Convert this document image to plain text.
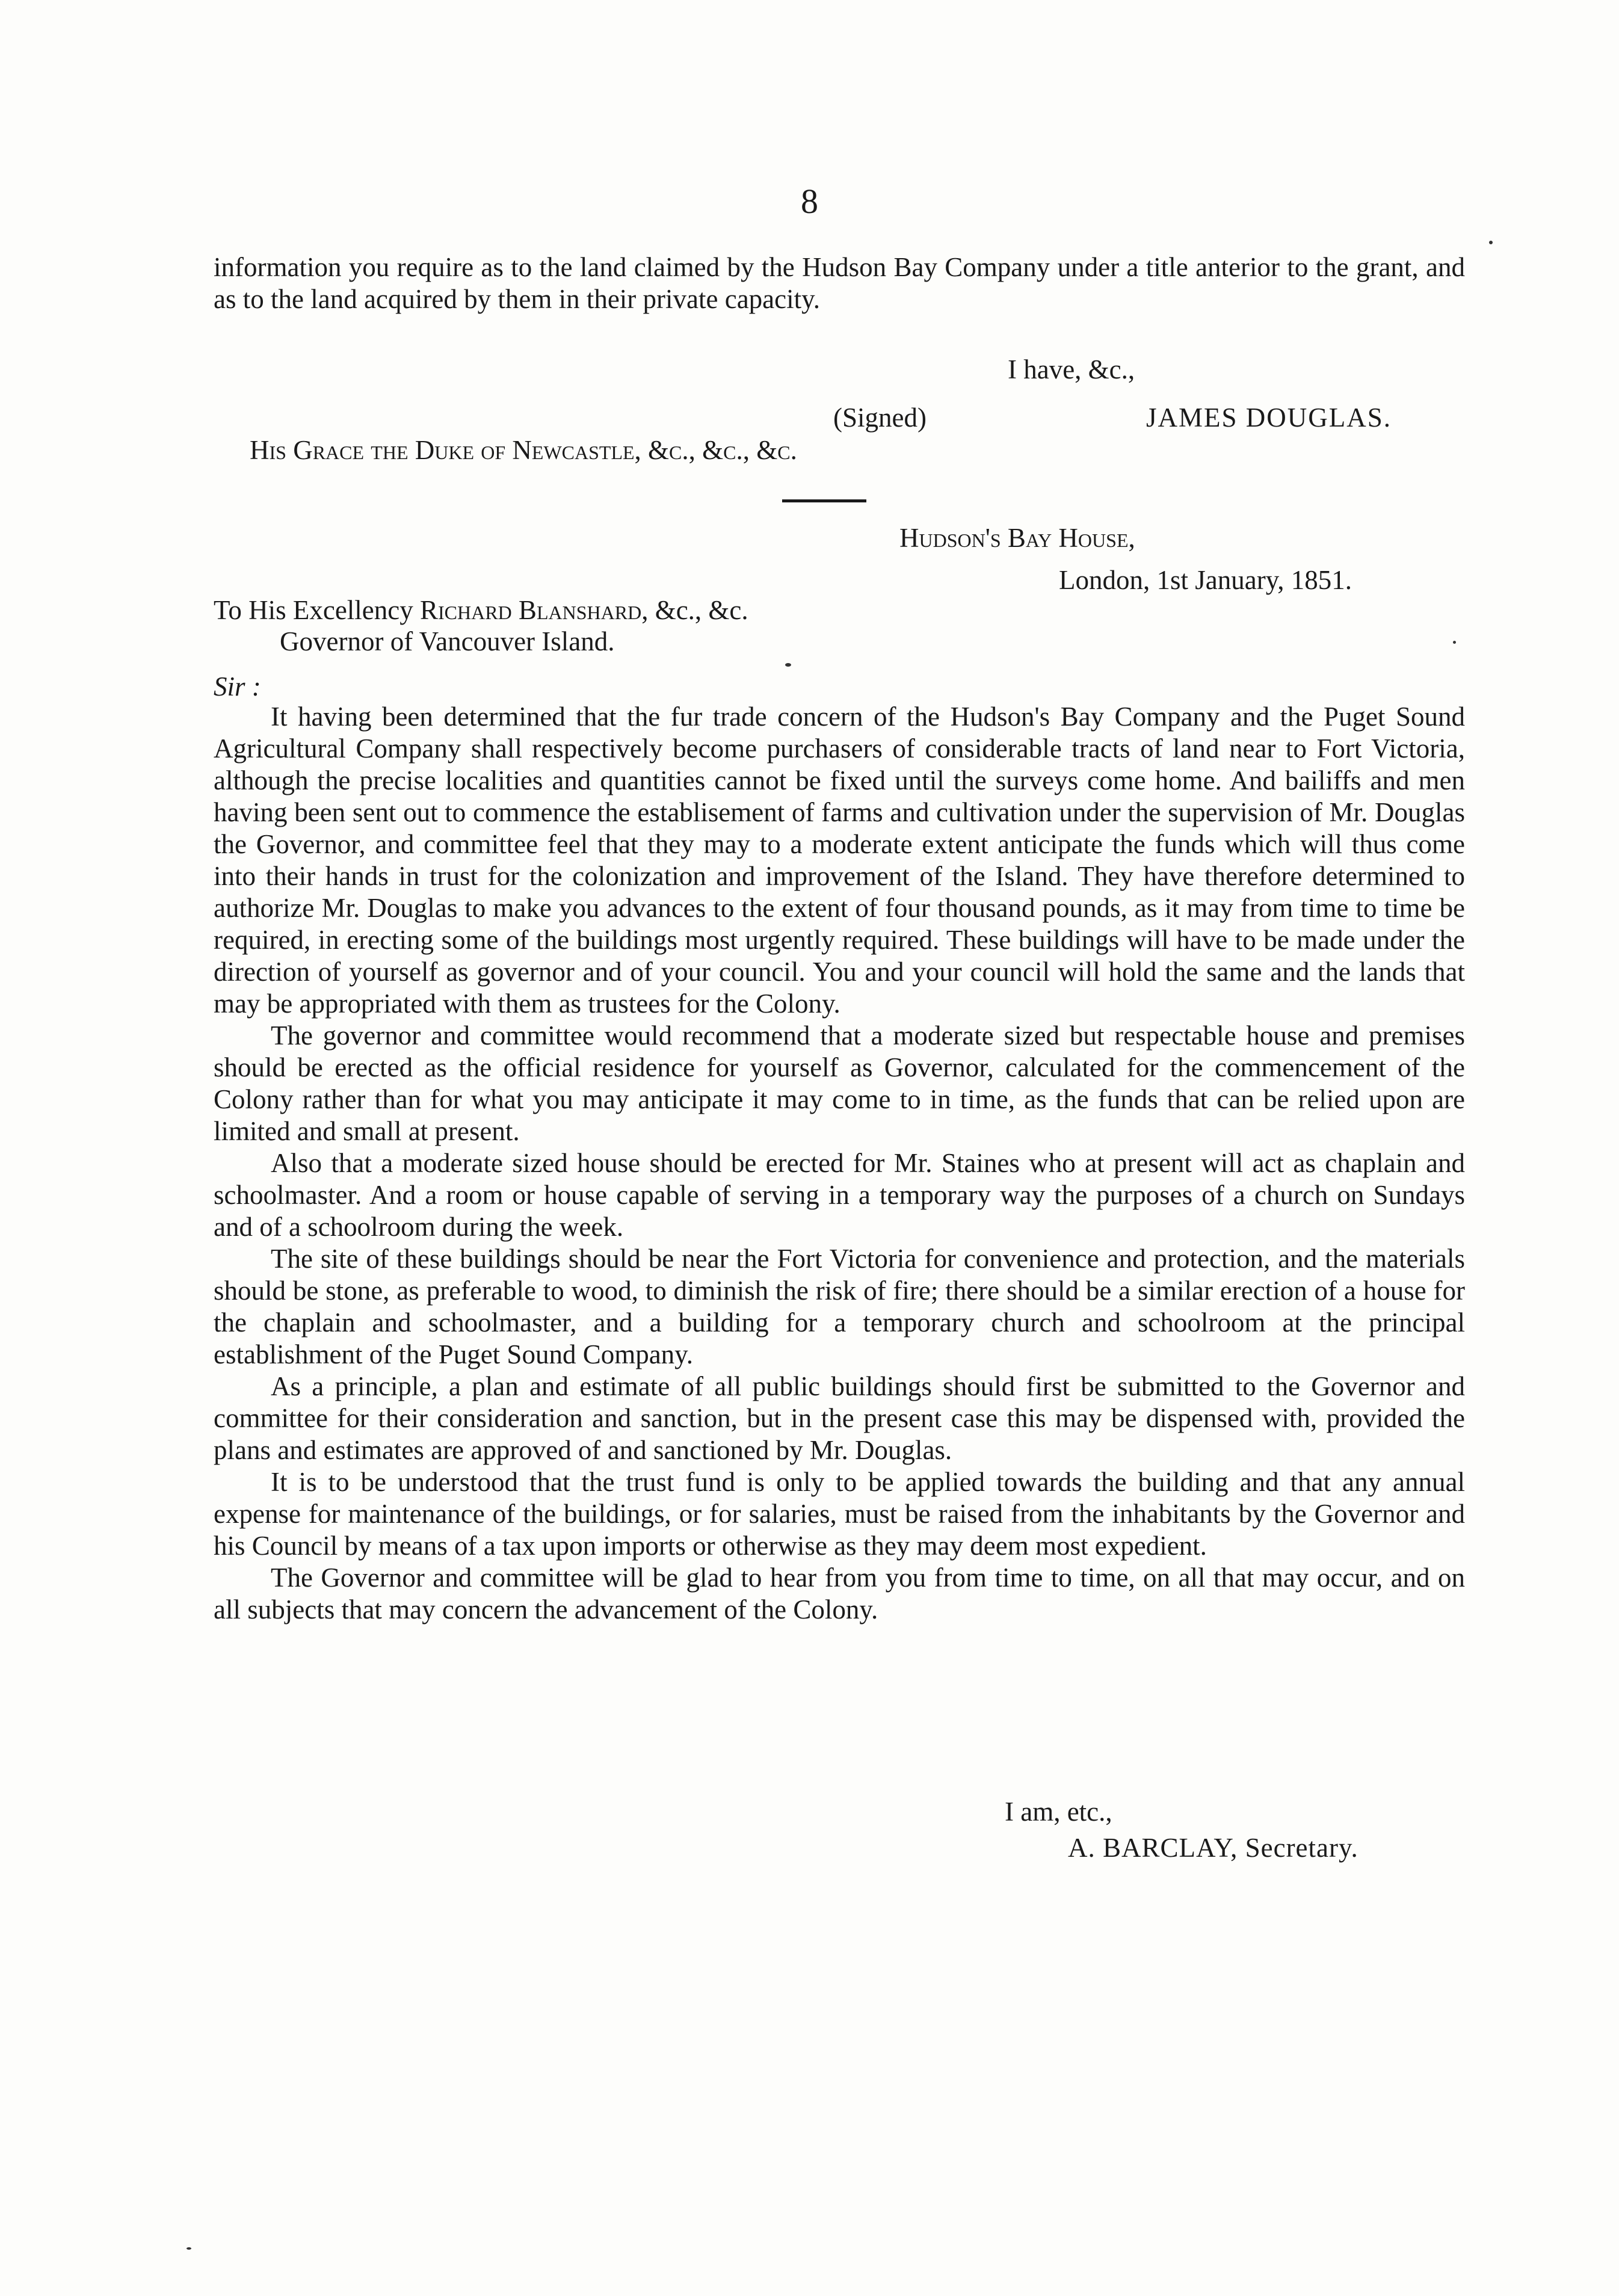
8

information you require as to the land claimed by the Hudson Bay Company under a title anterior to the grant, and as to the land acquired by them in their private capacity.

I have, &c.,
(Signed)	JAMES DOUGLAS.
His Grace the Duke of Newcastle, &c., &c., &c.
Hudson's Bay House,
London, 1st January, 1851.
To His Excellency Richard Blanshard, &c., &c.
Governor of Vancouver Island.
Sir :

It having been determined that the fur trade concern of the Hudson's Bay Company and the Puget Sound Agricultural Company shall respectively become purchasers of considerable tracts of land near to Fort Victoria, although the precise localities and quantities cannot be fixed until the surveys come home. And bailiffs and men having been sent out to commence the establisement of farms and cultivation under the supervision of Mr. Douglas the Governor, and committee feel that they may to a moderate extent anticipate the funds which will thus come into their hands in trust for the colonization and improvement of the Island. They have therefore determined to authorize Mr. Douglas to make you advances to the extent of four thousand pounds, as it may from time to time be required, in erecting some of the buildings most urgently required. These buildings will have to be made under the direction of yourself as governor and of your council. You and your council will hold the same and the lands that may be appropriated with them as trustees for the Colony.

The governor and committee would recommend that a moderate sized but respectable house and premises should be erected as the official residence for yourself as Governor, calculated for the commencement of the Colony rather than for what you may anticipate it may come to in time, as the funds that can be relied upon are limited and small at present.

Also that a moderate sized house should be erected for Mr. Staines who at present will act as chaplain and schoolmaster. And a room or house capable of serving in a temporary way the purposes of a church on Sundays and of a schoolroom during the week.

The site of these buildings should be near the Fort Victoria for convenience and protection, and the materials should be stone, as preferable to wood, to diminish the risk of fire; there should be a similar erection of a house for the chaplain and schoolmaster, and a building for a temporary church and schoolroom at the principal establishment of the Puget Sound Company.

As a principle, a plan and estimate of all public buildings should first be submitted to the Governor and committee for their consideration and sanction, but in the present case this may be dispensed with, provided the plans and estimates are approved of and sanctioned by Mr. Douglas.

It is to be understood that the trust fund is only to be applied towards the building and that any annual expense for maintenance of the buildings, or for salaries, must be raised from the inhabitants by the Governor and his Council by means of a tax upon imports or otherwise as they may deem most expedient.

The Governor and committee will be glad to hear from you from time to time, on all that may occur, and on all subjects that may concern the advancement of the Colony.

I am, etc.,
A. BARCLAY, Secretary.
